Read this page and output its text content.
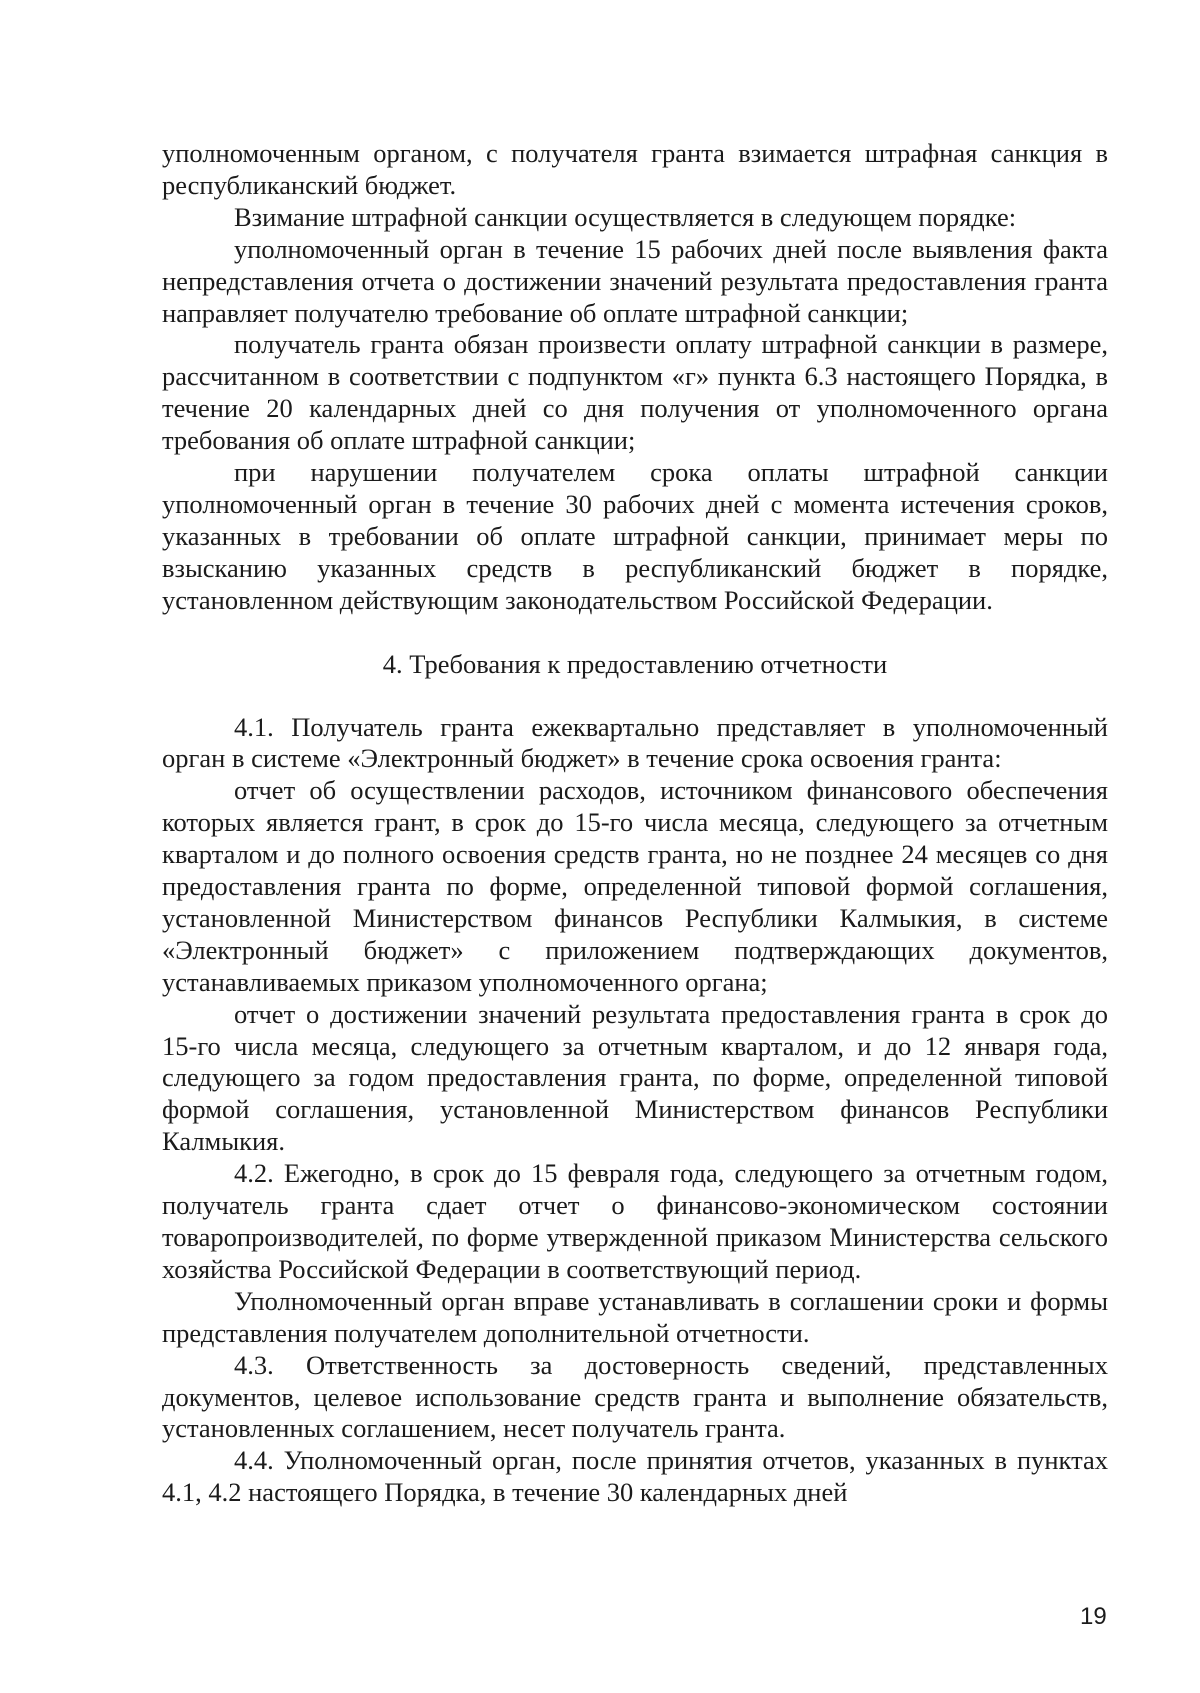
уполномоченным органом, с получателя гранта взимается штрафная санкция в республиканский бюджет.

Взимание штрафной санкции осуществляется в следующем порядке:

уполномоченный орган в течение 15 рабочих дней после выявления факта непредставления отчета о достижении значений результата предоставления гранта направляет получателю требование об оплате штрафной санкции;

получатель гранта обязан произвести оплату штрафной санкции в размере, рассчитанном в соответствии с подпунктом «г» пункта 6.3 настоящего Порядка, в течение 20 календарных дней со дня получения от уполномоченного органа требования об оплате штрафной санкции;

при нарушении получателем срока оплаты штрафной санкции уполномоченный орган в течение 30 рабочих дней с момента истечения сроков, указанных в требовании об оплате штрафной санкции, принимает меры по взысканию указанных средств в республиканский бюджет в порядке, установленном действующим законодательством Российской Федерации.

4. Требования к предоставлению отчетности

4.1. Получатель гранта ежеквартально представляет в уполномоченный орган в системе «Электронный бюджет» в течение срока освоения гранта:

отчет об осуществлении расходов, источником финансового обеспечения которых является грант, в срок до 15-го числа месяца, следующего за отчетным кварталом и до полного освоения средств гранта, но не позднее 24 месяцев со дня предоставления гранта по форме, определенной типовой формой соглашения, установленной Министерством финансов Республики Калмыкия, в системе «Электронный бюджет» с приложением подтверждающих документов, устанавливаемых приказом уполномоченного органа;

отчет о достижении значений результата предоставления гранта в срок до 15-го числа месяца, следующего за отчетным кварталом, и до 12 января года, следующего за годом предоставления гранта, по форме, определенной типовой формой соглашения, установленной Министерством финансов Республики Калмыкия.

4.2. Ежегодно, в срок до 15 февраля года, следующего за отчетным годом, получатель гранта сдает отчет о финансово-экономическом состоянии товаропроизводителей, по форме утвержденной приказом Министерства сельского хозяйства Российской Федерации в соответствующий период.

Уполномоченный орган вправе устанавливать в соглашении сроки и формы представления получателем дополнительной отчетности.

4.3. Ответственность за достоверность сведений, представленных документов, целевое использование средств гранта и выполнение обязательств, установленных соглашением, несет получатель гранта.

4.4. Уполномоченный орган, после принятия отчетов, указанных в пунктах 4.1, 4.2 настоящего Порядка, в течение 30 календарных дней

19
